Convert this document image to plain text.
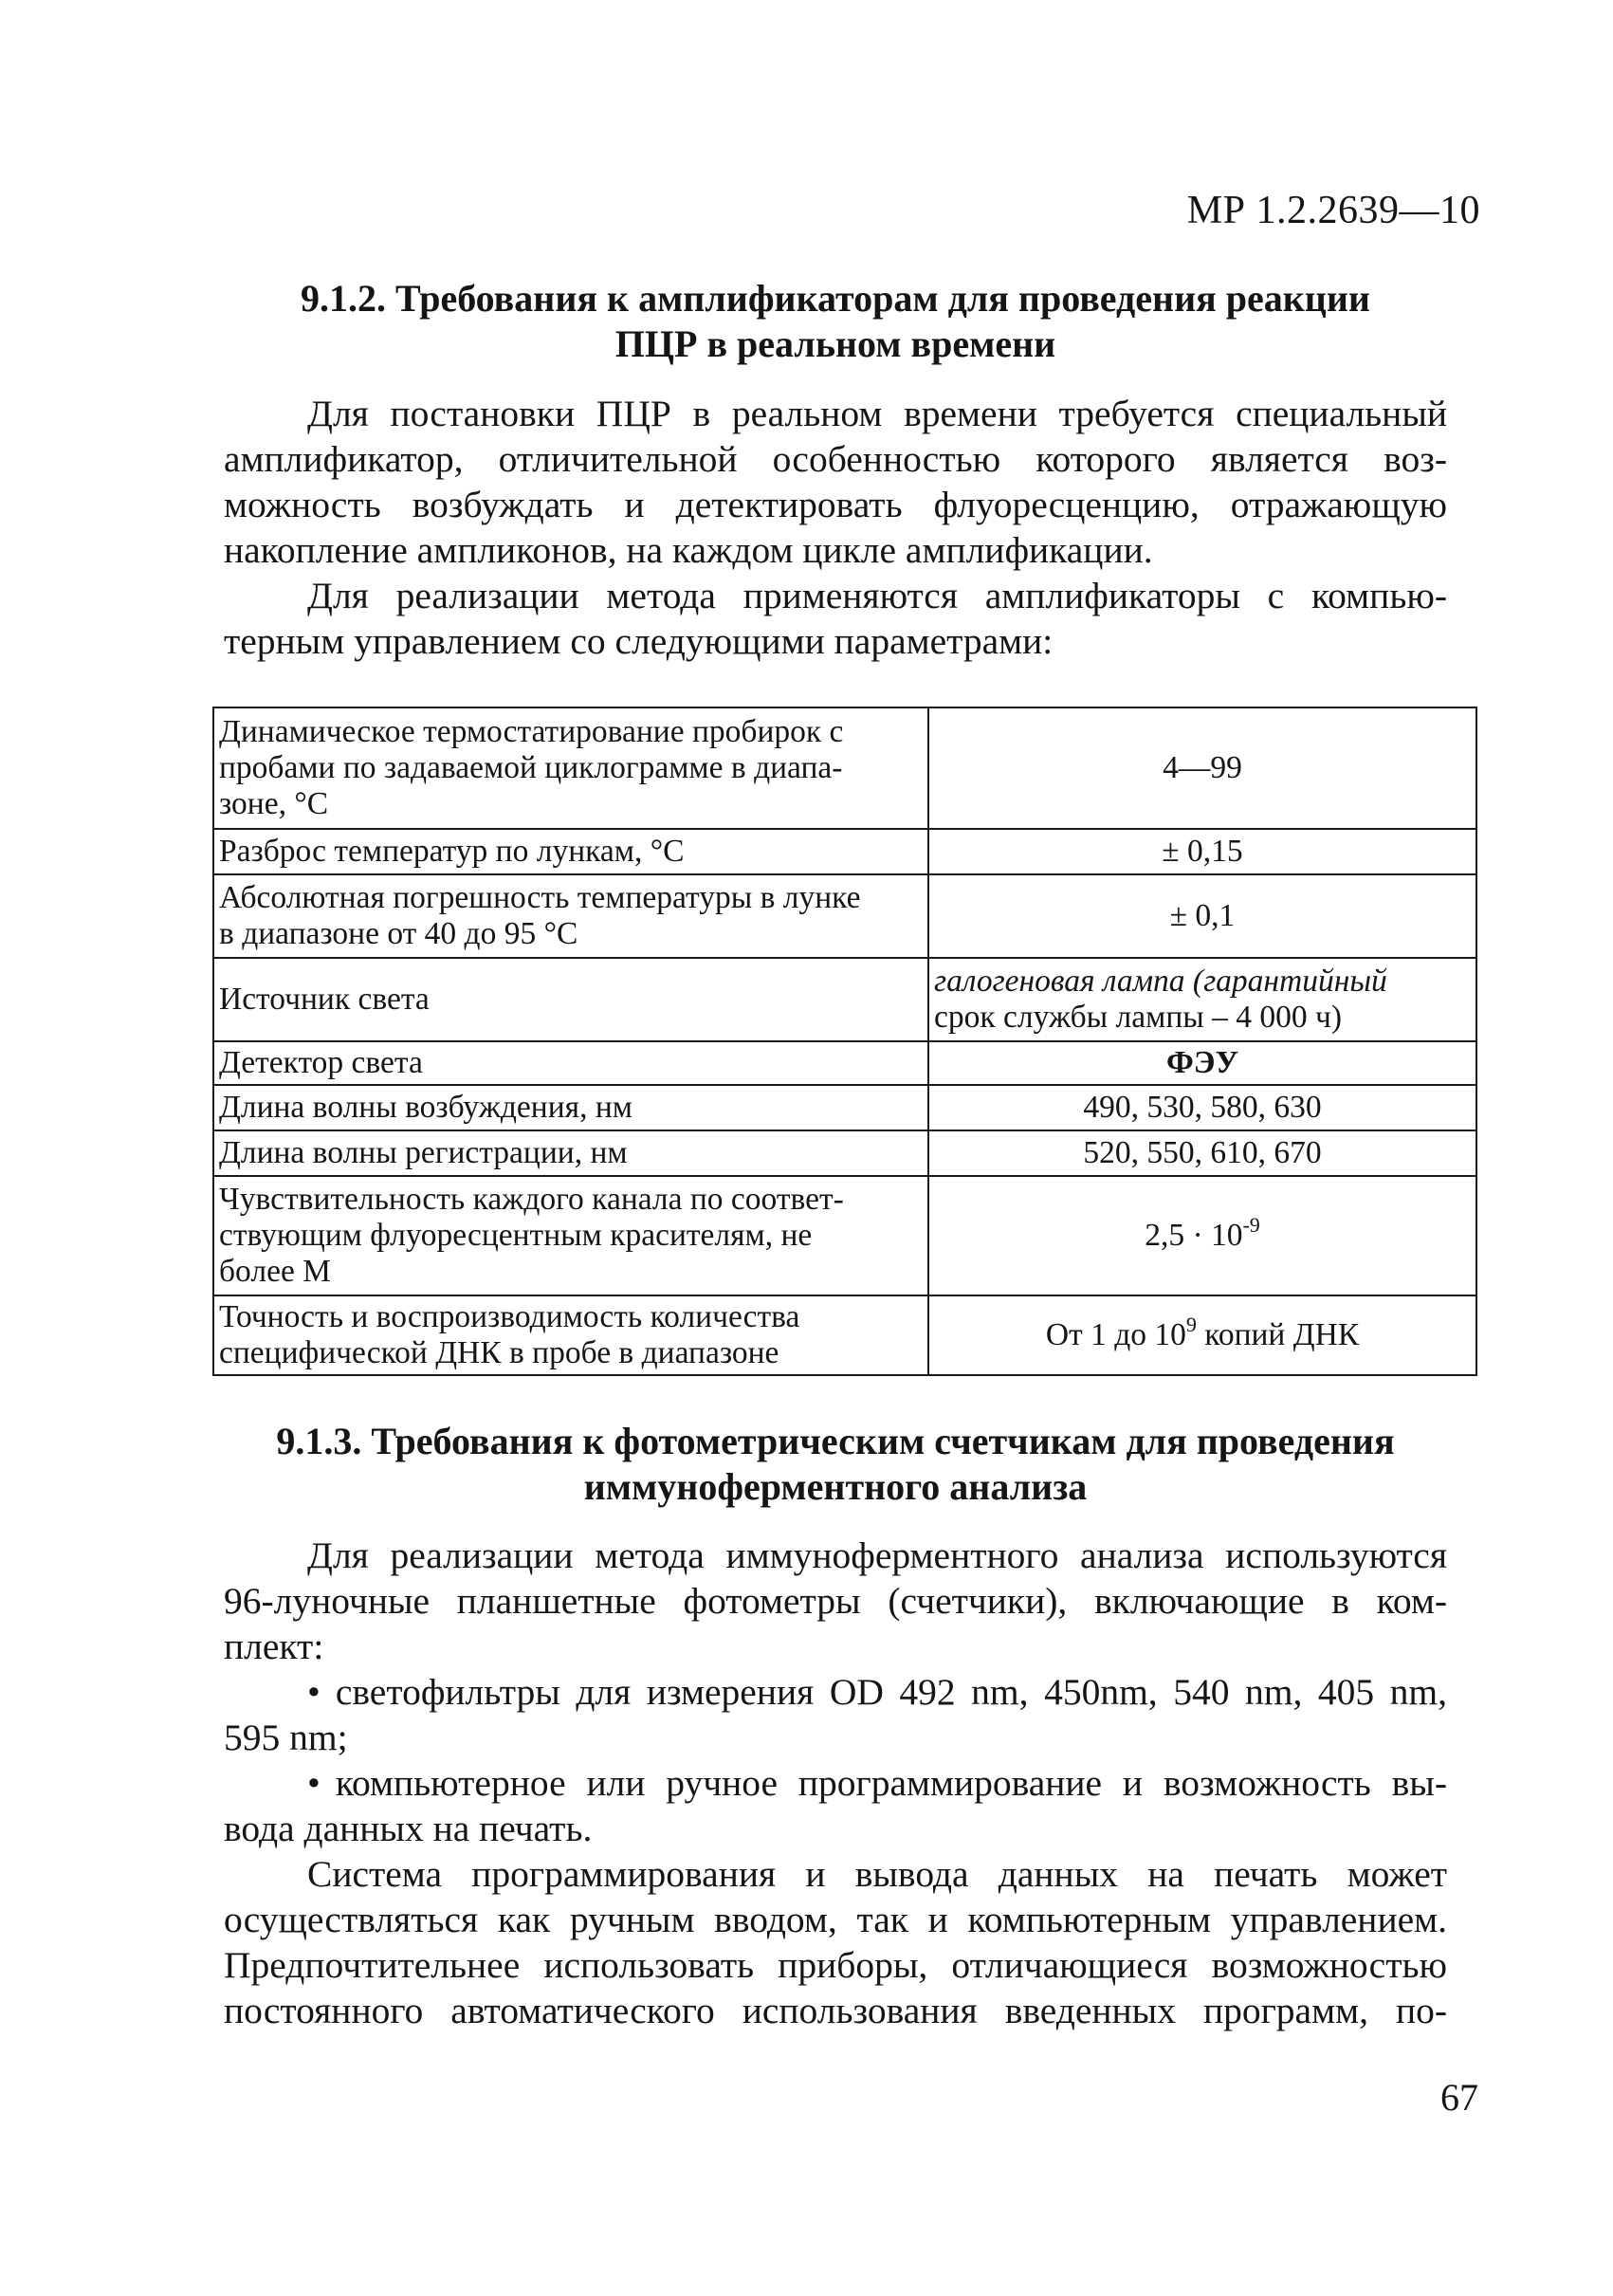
МР 1.2.2639—10
9.1.2. Требования к амплификаторам для проведения реакции
ПЦР в реальном времени
Для постановки ПЦР в реальном времени требуется специальный
амплификатор, отличительной особенностью которого является воз-
можность возбуждать и детектировать флуоресценцию, отражающую
накопление ампликонов, на каждом цикле амплификации.
Для реализации метода применяются амплификаторы с компью-
терным управлением со следующими параметрами:
Динамическое термостатирование пробирок с
пробами по задаваемой циклограмме в диапа-
зоне, °С	4—99
Разброс температур по лункам, °С	± 0,15

Абсолютная погрешность температуры в лунке
в диапазоне от 40 до 95 °С	± 0,1
Источник света	галогеновая лампа (гарантийный
срок службы лампы – 4 000 ч)

Детектор света	ФЭУ
Длина волны возбуждения, нм	490, 530, 580, 630
Длина волны регистрации, нм	520, 550, 610, 670

Чувствительность каждого канала по соответ-
ствующим флуоресцентным красителям, не
более М	$2,5 \cdot 10^{-9}$

Точность и воспроизводимость количества
специфической ДНК в пробе в диапазоне	От 1 до $10^9$ копий ДНК
9.1.3. Требования к фотометрическим счетчикам для проведения
иммуноферментного анализа
Для реализации метода иммуноферментного анализа используются
96-луночные планшетные фотометры (счетчики), включающие в ком-
плект:
• светофильтры для измерения OD 492 nm, 450nm, 540 nm, 405 nm,
595 nm;
• компьютерное или ручное программирование и возможность вы-
вода данных на печать.
Система программирования и вывода данных на печать может
осуществляться как ручным вводом, так и компьютерным управлением.
Предпочтительнее использовать приборы, отличающиеся возможностью
постоянного автоматического использования введенных программ, по-
67
